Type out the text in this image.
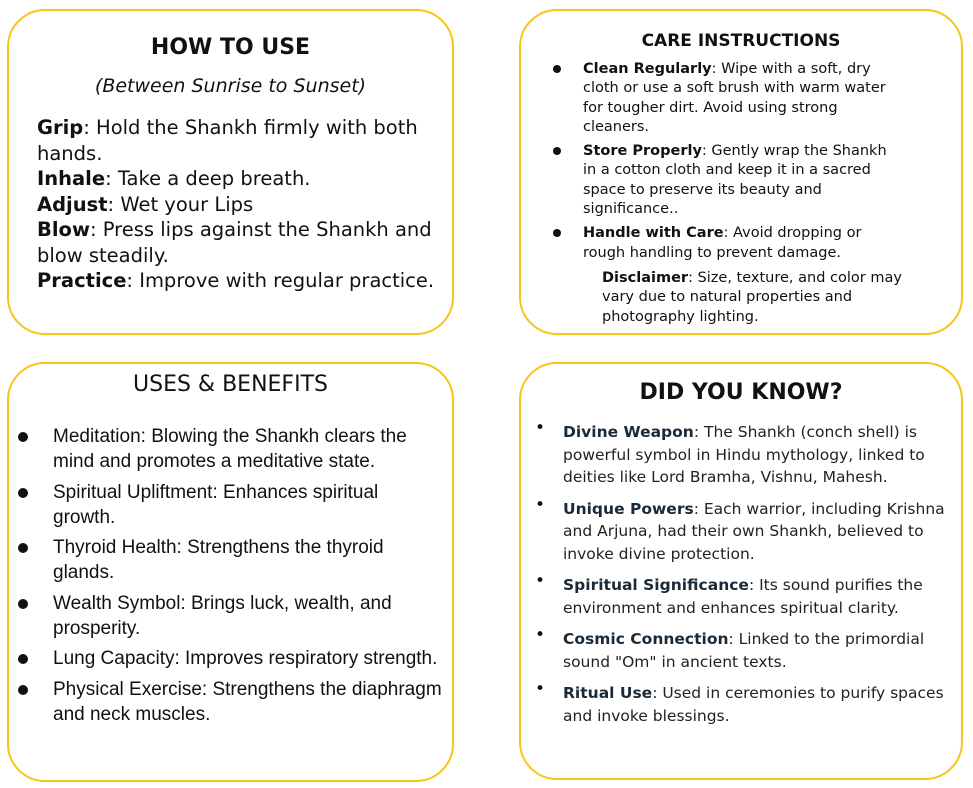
HOW TO USE
(Between Sunrise to Sunset)
Grip: Hold the Shankh firmly with both hands.
Inhale: Take a deep breath.
Adjust: Wet your Lips
Blow: Press lips against the Shankh and blow steadily.
Practice: Improve with regular practice.
CARE INSTRUCTIONS
Clean Regularly: Wipe with a soft, dry cloth or use a soft brush with warm water for tougher dirt. Avoid using strong cleaners.
Store Properly: Gently wrap the Shankh in a cotton cloth and keep it in a sacred space to preserve its beauty and significance..
Handle with Care: Avoid dropping or rough handling to prevent damage.
Disclaimer: Size, texture, and color may vary due to natural properties and photography lighting.
USES & BENEFITS
Meditation: Blowing the Shankh clears the mind and promotes a meditative state.
Spiritual Upliftment: Enhances spiritual growth.
Thyroid Health: Strengthens the thyroid glands.
Wealth Symbol: Brings luck, wealth, and prosperity.
Lung Capacity: Improves respiratory strength.
Physical Exercise: Strengthens the diaphragm and neck muscles.
DID YOU KNOW?
• Divine Weapon: The Shankh (conch shell) is powerful symbol in Hindu mythology, linked to deities like Lord Bramha, Vishnu, Mahesh.
• Unique Powers: Each warrior, including Krishna and Arjuna, had their own Shankh, believed to invoke divine protection.
• Spiritual Significance: Its sound purifies the environment and enhances spiritual clarity.
• Cosmic Connection: Linked to the primordial sound "Om" in ancient texts.
• Ritual Use: Used in ceremonies to purify spaces and invoke blessings.
